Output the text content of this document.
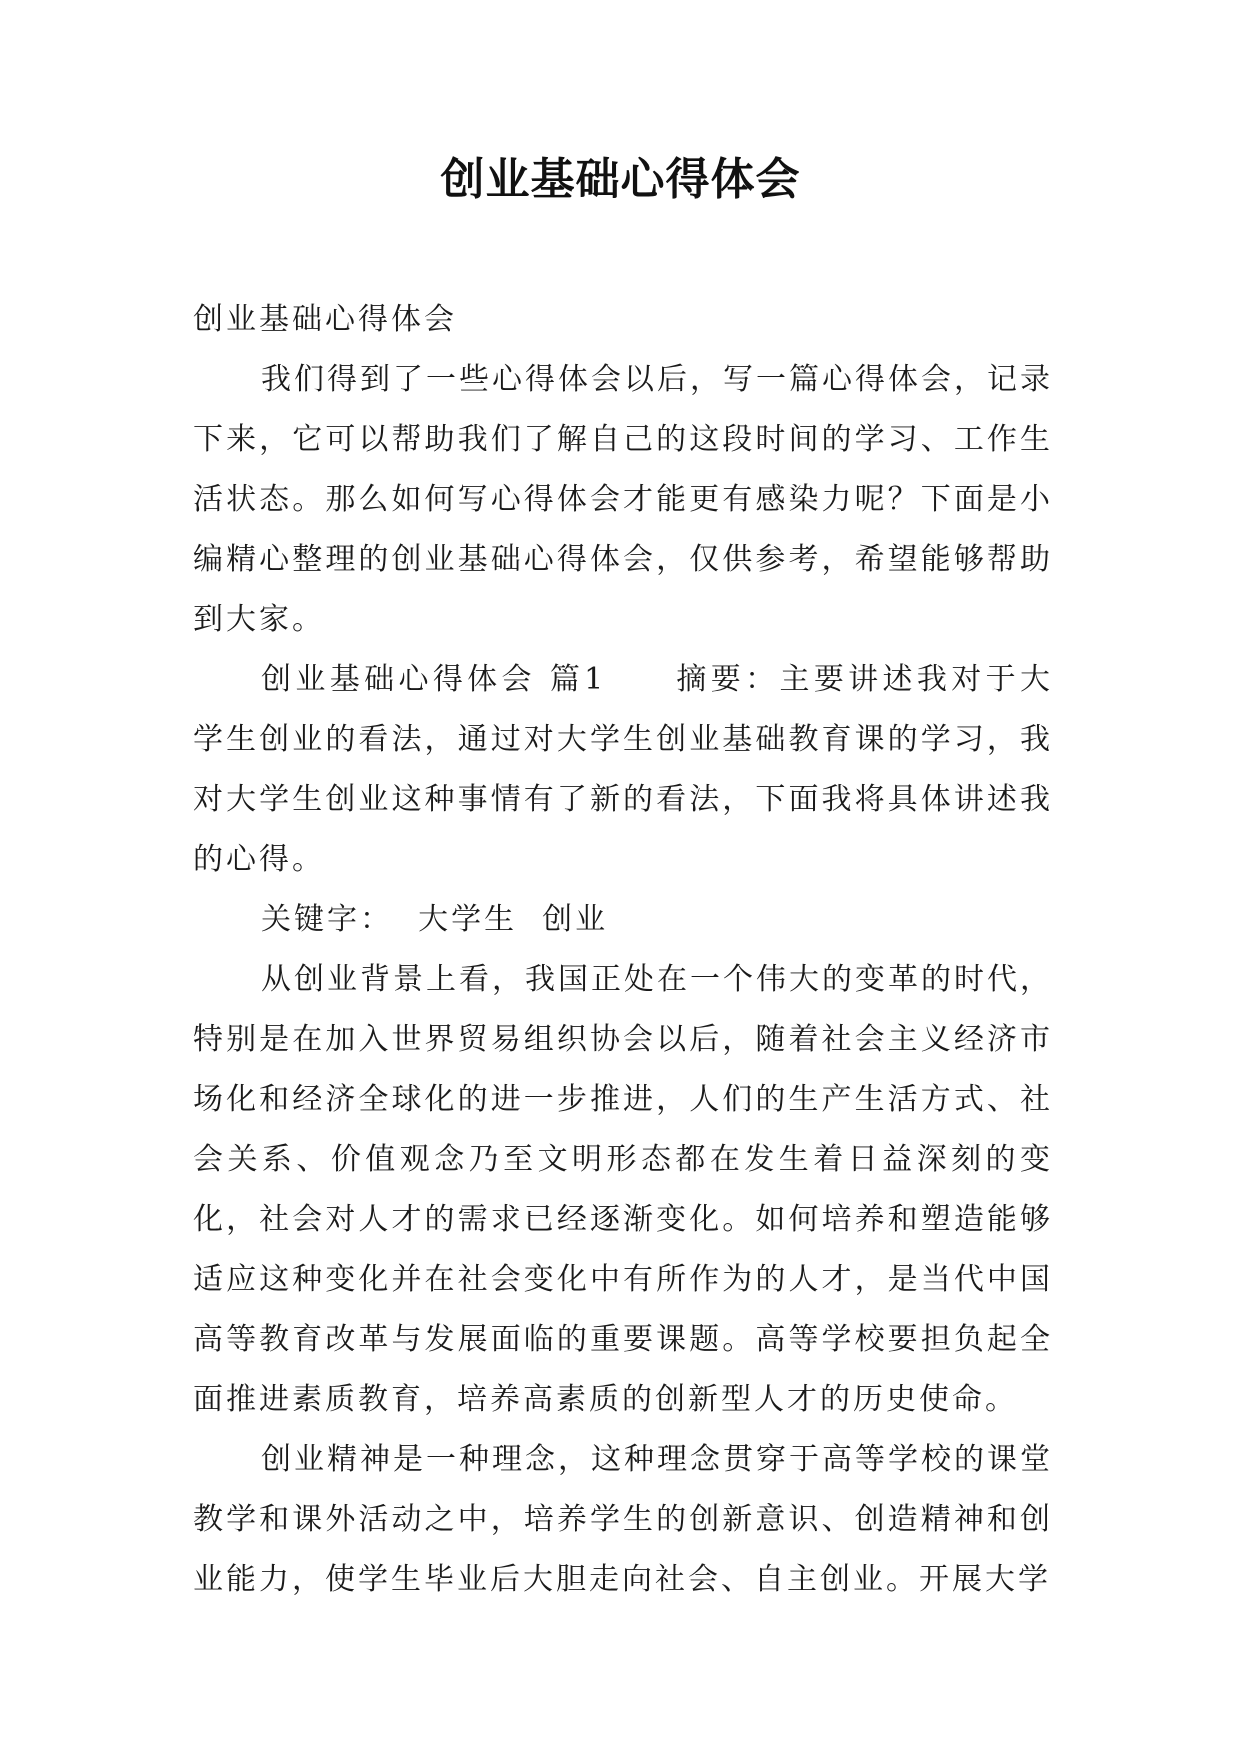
创业基础心得体会

创业基础心得体会

我们得到了一些心得体会以后，写一篇心得体会，记录下来，它可以帮助我们了解自己的这段时间的学习、工作生活状态。那么如何写心得体会才能更有感染力呢？下面是小编精心整理的创业基础心得体会，仅供参考，希望能够帮助到大家。

创业基础心得体会 篇1　　摘要：主要讲述我对于大学生创业的看法，通过对大学生创业基础教育课的学习，我对大学生创业这种事情有了新的看法，下面我将具体讲述我的心得。

关键字：  大学生  创业

从创业背景上看，我国正处在一个伟大的变革的时代，特别是在加入世界贸易组织协会以后，随着社会主义经济市场化和经济全球化的进一步推进，人们的生产生活方式、社会关系、价值观念乃至文明形态都在发生着日益深刻的变化，社会对人才的需求已经逐渐变化。如何培养和塑造能够适应这种变化并在社会变化中有所作为的人才，是当代中国高等教育改革与发展面临的重要课题。高等学校要担负起全面推进素质教育，培养高素质的创新型人才的历史使命。

创业精神是一种理念，这种理念贯穿于高等学校的课堂教学和课外活动之中，培养学生的创新意识、创造精神和创业能力，使学生毕业后大胆走向社会、自主创业。开展大学
